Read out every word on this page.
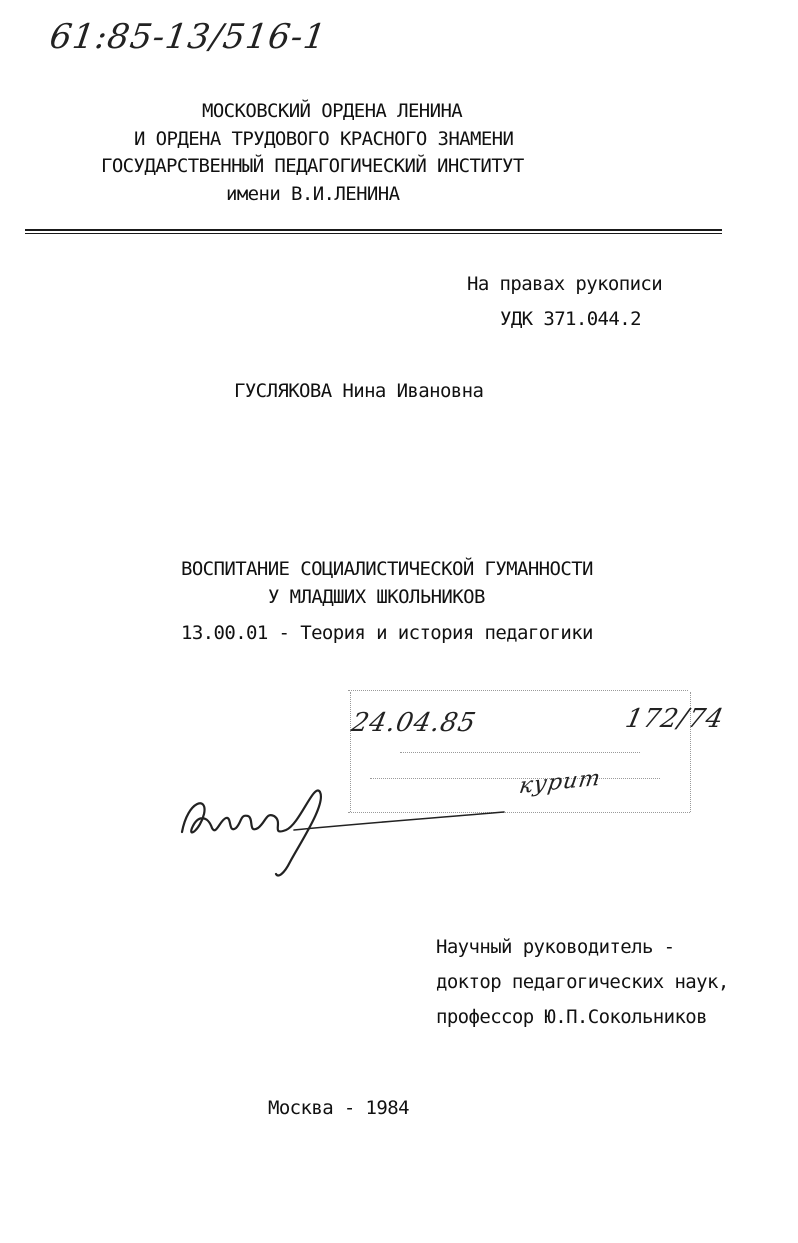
61:85-13/516-1
МОСКОВСКИЙ ОРДЕНА ЛЕНИНА
И ОРДЕНА ТРУДОВОГО КРАСНОГО ЗНАМЕНИ
ГОСУДАРСТВЕННЫЙ ПЕДАГОГИЧЕСКИЙ ИНСТИТУТ
имени В.И.ЛЕНИНА
На правах рукописи
УДК 371.044.2
ГУСЛЯКОВА Нина Ивановна
ВОСПИТАНИЕ СОЦИАЛИСТИЧЕСКОЙ ГУМАННОСТИ
У МЛАДШИХ ШКОЛЬНИКОВ
13.00.01 - Теория и история педагогики
24.04.85	172/74
курит
Научный руководитель -
доктор педагогических наук,
профессор Ю.П.Сокольников
Москва - 1984
